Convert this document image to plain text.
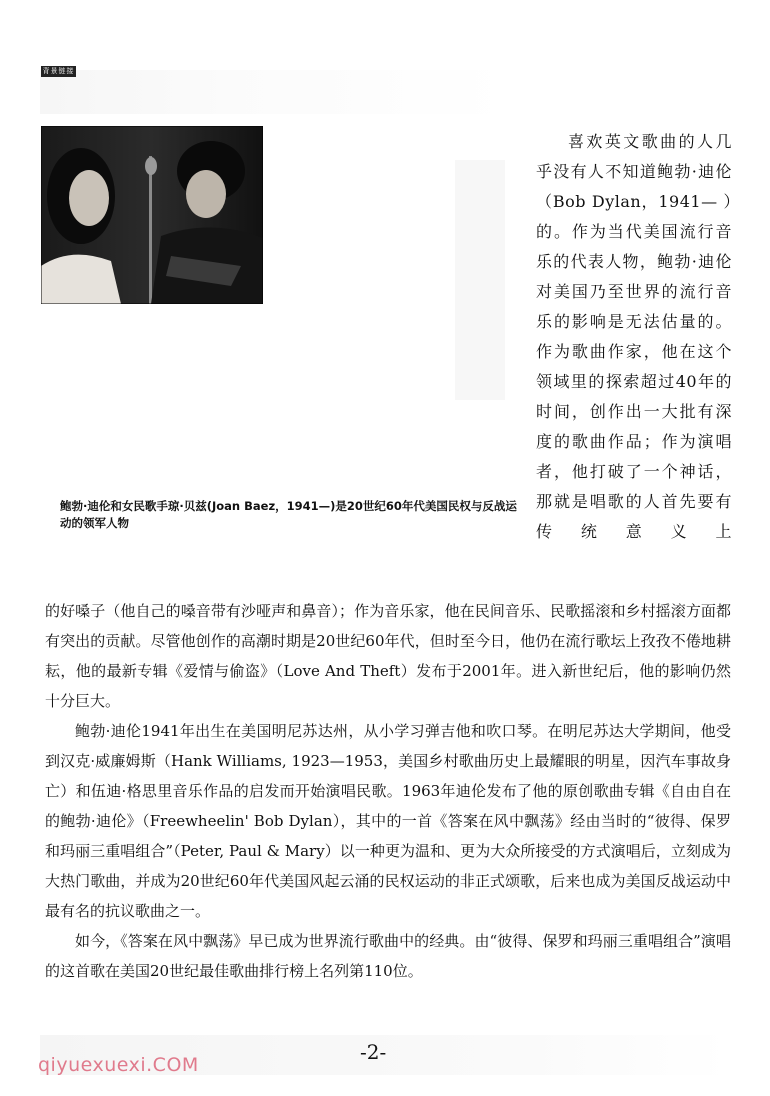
背景链接
鲍勃·迪伦和女民歌手琼·贝兹(Joan Baez，1941—)是20世纪60年代美国民权与反战运动的领军人物

喜欢英文歌曲的人几乎没有人不知道鲍勃·迪伦（Bob Dylan，1941— ）的。作为当代美国流行音乐的代表人物，鲍勃·迪伦对美国乃至世界的流行音乐的影响是无法估量的。作为歌曲作家，他在这个领域里的探索超过40年的时间，创作出一大批有深度的歌曲作品；作为演唱者，他打破了一个神话，那就是唱歌的人首先要有传统意义上

的好嗓子（他自己的嗓音带有沙哑声和鼻音）；作为音乐家，他在民间音乐、民歌摇滚和乡村摇滚方面都有突出的贡献。尽管他创作的高潮时期是20世纪60年代，但时至今日，他仍在流行歌坛上孜孜不倦地耕耘，他的最新专辑《爱情与偷盗》（Love And Theft）发布于2001年。进入新世纪后，他的影响仍然十分巨大。

鲍勃·迪伦1941年出生在美国明尼苏达州，从小学习弹吉他和吹口琴。在明尼苏达大学期间，他受到汉克·威廉姆斯（Hank Williams, 1923—1953，美国乡村歌曲历史上最耀眼的明星，因汽车事故身亡）和伍迪·格思里音乐作品的启发而开始演唱民歌。1963年迪伦发布了他的原创歌曲专辑《自由自在的鲍勃·迪伦》（Freewheelin' Bob Dylan），其中的一首《答案在风中飘荡》经由当时的“彼得、保罗和玛丽三重唱组合”（Peter, Paul & Mary）以一种更为温和、更为大众所接受的方式演唱后，立刻成为大热门歌曲，并成为20世纪60年代美国风起云涌的民权运动的非正式颂歌，后来也成为美国反战运动中最有名的抗议歌曲之一。

如今，《答案在风中飘荡》早已成为世界流行歌曲中的经典。由“彼得、保罗和玛丽三重唱组合”演唱的这首歌在美国20世纪最佳歌曲排行榜上名列第110位。

-2-
qiyuexuexi.COM
